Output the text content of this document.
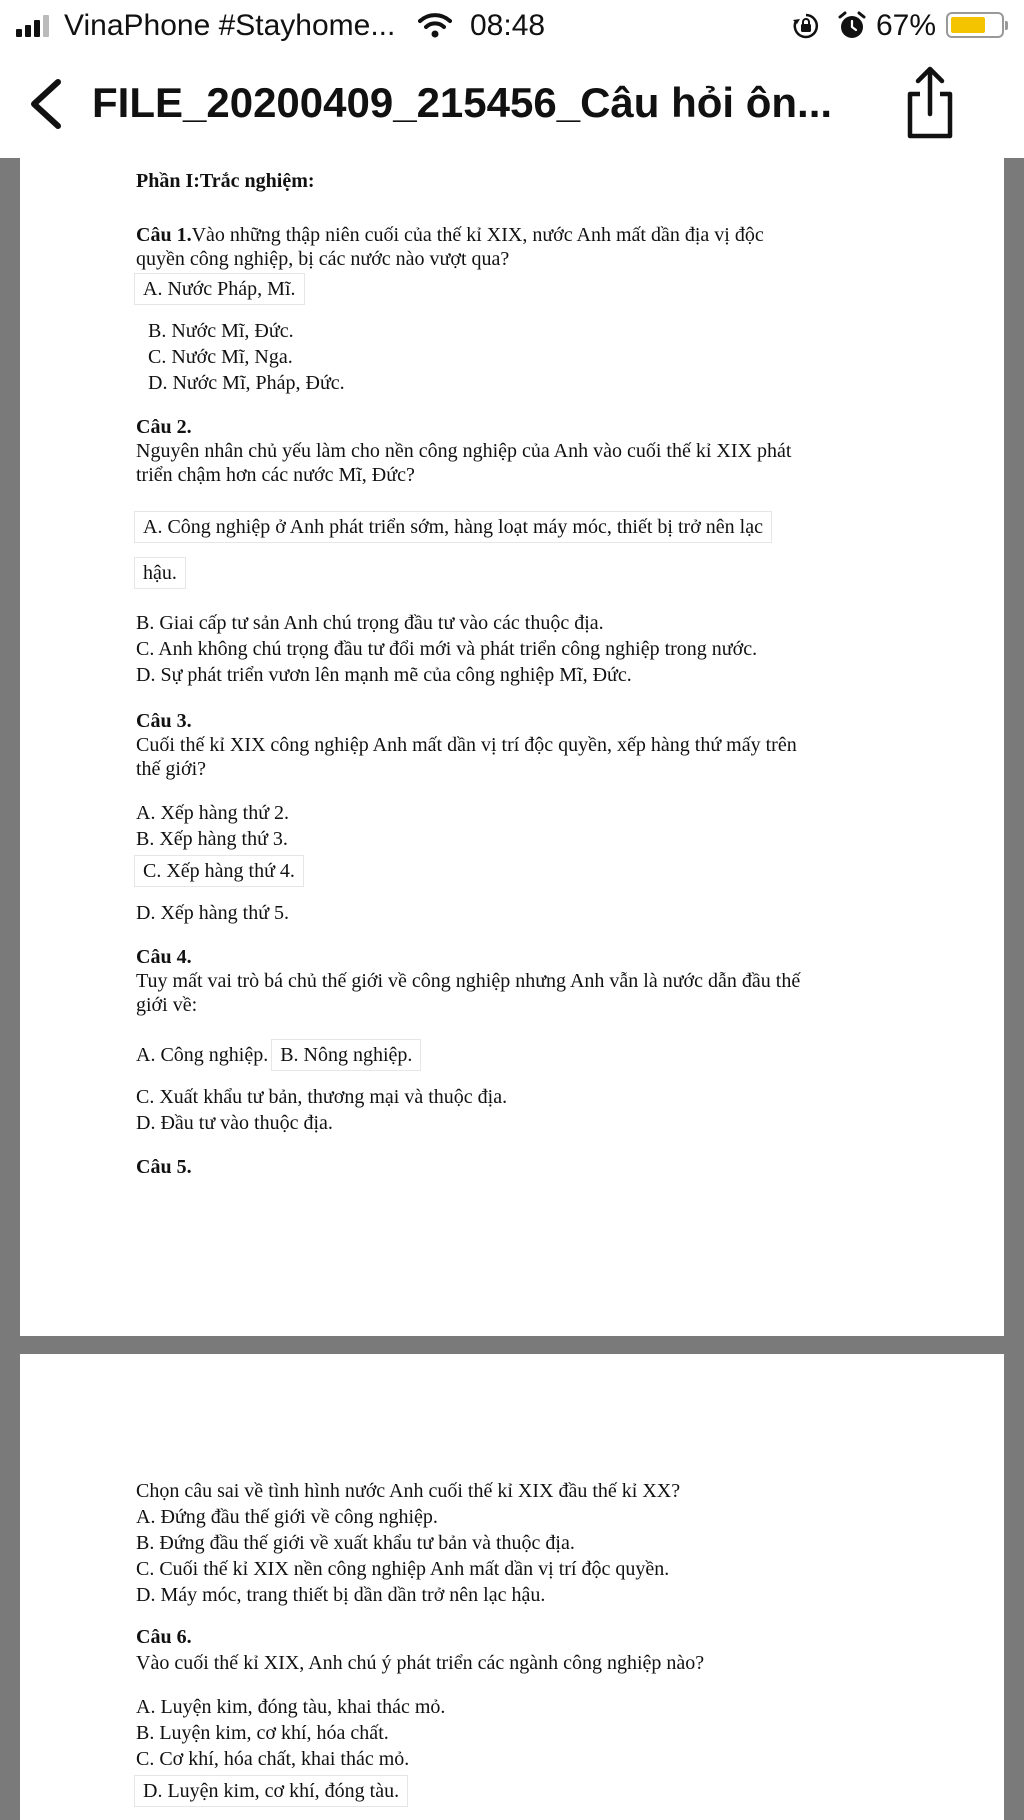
VinaPhone #Stayhome... 08:48	67%
FILE_20200409_215456_Câu hỏi ôn...
Phần I:Trắc nghiệm:
Câu 1.Vào những thập niên cuối của thế kỉ XIX, nước Anh mất dần địa vị độc
quyền công nghiệp, bị các nước nào vượt qua?
A. Nước Pháp, Mĩ.
B. Nước Mĩ, Đức.
C. Nước Mĩ, Nga.
D. Nước Mĩ, Pháp, Đức.
Câu 2.
Nguyên nhân chủ yếu làm cho nền công nghiệp của Anh vào cuối thế kỉ XIX phát
triển chậm hơn các nước Mĩ, Đức?
A. Công nghiệp ở Anh phát triển sớm, hàng loạt máy móc, thiết bị trở nên lạc
hậu.
B. Giai cấp tư sản Anh chú trọng đầu tư vào các thuộc địa.
C. Anh không chú trọng đầu tư đổi mới và phát triển công nghiệp trong nước.
D. Sự phát triển vươn lên mạnh mẽ của công nghiệp Mĩ, Đức.
Câu 3.
Cuối thế kỉ XIX công nghiệp Anh mất dần vị trí độc quyền, xếp hàng thứ mấy trên
thế giới?
A. Xếp hàng thứ 2.
B. Xếp hàng thứ 3.
C. Xếp hàng thứ 4.
D. Xếp hàng thứ 5.
Câu 4.
Tuy mất vai trò bá chủ thế giới về công nghiệp nhưng Anh vẫn là nước dẫn đầu thế
giới về:
A. Công nghiệp. B. Nông nghiệp.
C. Xuất khẩu tư bản, thương mại và thuộc địa.
D. Đầu tư vào thuộc địa.
Câu 5.
Chọn câu sai về tình hình nước Anh cuối thế kỉ XIX đầu thế kỉ XX?
A. Đứng đầu thế giới về công nghiệp.
B. Đứng đầu thế giới về xuất khẩu tư bản và thuộc địa.
C. Cuối thế kỉ XIX nền công nghiệp Anh mất dần vị trí độc quyền.
D. Máy móc, trang thiết bị dần dần trở nên lạc hậu.
Câu 6.
Vào cuối thế kỉ XIX, Anh chú ý phát triển các ngành công nghiệp nào?
A. Luyện kim, đóng tàu, khai thác mỏ.
B. Luyện kim, cơ khí, hóa chất.
C. Cơ khí, hóa chất, khai thác mỏ.
D. Luyện kim, cơ khí, đóng tàu.
